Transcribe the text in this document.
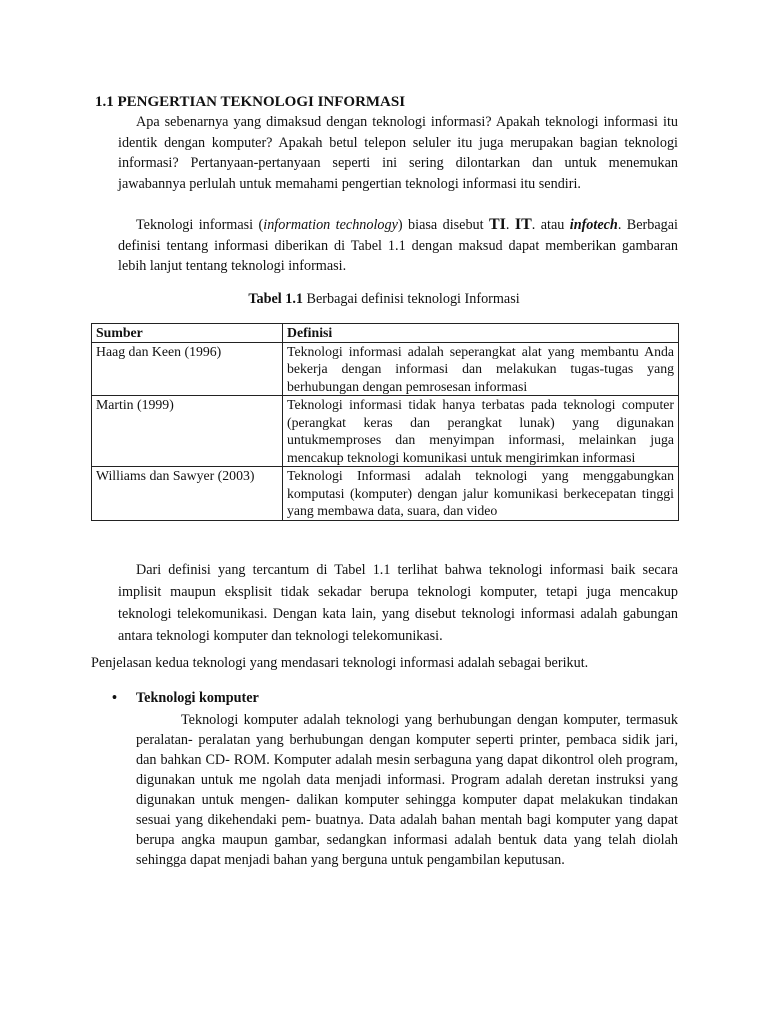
1.1 PENGERTIAN TEKNOLOGI INFORMASI

Apa sebenarnya yang dimaksud dengan teknologi informasi? Apakah teknologi informasi itu identik dengan komputer? Apakah betul telepon seluler itu juga merupakan bagian teknologi informasi? Pertanyaan-pertanyaan seperti ini sering dilontarkan dan untuk menemukan jawabannya perlulah untuk memahami pengertian teknologi informasi itu sendiri.

Teknologi informasi (information technology) biasa disebut TI. IT. atau infotech. Berbagai definisi tentang informasi diberikan di Tabel 1.1 dengan maksud dapat memberikan gambaran lebih lanjut tentang teknologi informasi.

Tabel 1.1 Berbagai definisi teknologi Informasi
Sumber	Definisi
Haag dan Keen (1996)	Teknologi informasi adalah seperangkat alat yang membantu Anda bekerja dengan informasi dan melakukan tugas-tugas yang berhubungan dengan pemrosesan informasi
Martin (1999)	Teknologi informasi tidak hanya terbatas pada teknologi computer (perangkat keras dan perangkat lunak) yang digunakan untukmemproses dan menyimpan informasi, melainkan juga mencakup teknologi komunikasi untuk mengirimkan informasi
Williams dan Sawyer (2003)	Teknologi Informasi adalah teknologi yang menggabungkan komputasi (komputer) dengan jalur komunikasi berkecepatan tinggi yang membawa data, suara, dan video

Dari definisi yang tercantum di Tabel 1.1 terlihat bahwa teknologi informasi baik secara implisit maupun eksplisit tidak sekadar berupa teknologi komputer, tetapi juga mencakup teknologi telekomunikasi. Dengan kata lain, yang disebut teknologi informasi adalah gabungan antara teknologi komputer dan teknologi telekomunikasi.

Penjelasan kedua teknologi yang mendasari teknologi informasi adalah sebagai berikut.

• Teknologi komputer

Teknologi komputer adalah teknologi yang berhubungan dengan komputer, termasuk peralatan- peralatan yang berhubungan dengan komputer seperti printer, pembaca sidik jari, dan bahkan CD- ROM. Komputer adalah mesin serbaguna yang dapat dikontrol oleh program, digunakan untuk me ngolah data menjadi informasi. Program adalah deretan instruksi yang digunakan untuk mengen- dalikan komputer sehingga komputer dapat melakukan tindakan sesuai yang dikehendaki pem- buatnya. Data adalah bahan mentah bagi komputer yang dapat berupa angka maupun gambar, sedangkan informasi adalah bentuk data yang telah diolah sehingga dapat menjadi bahan yang berguna untuk pengambilan keputusan.
